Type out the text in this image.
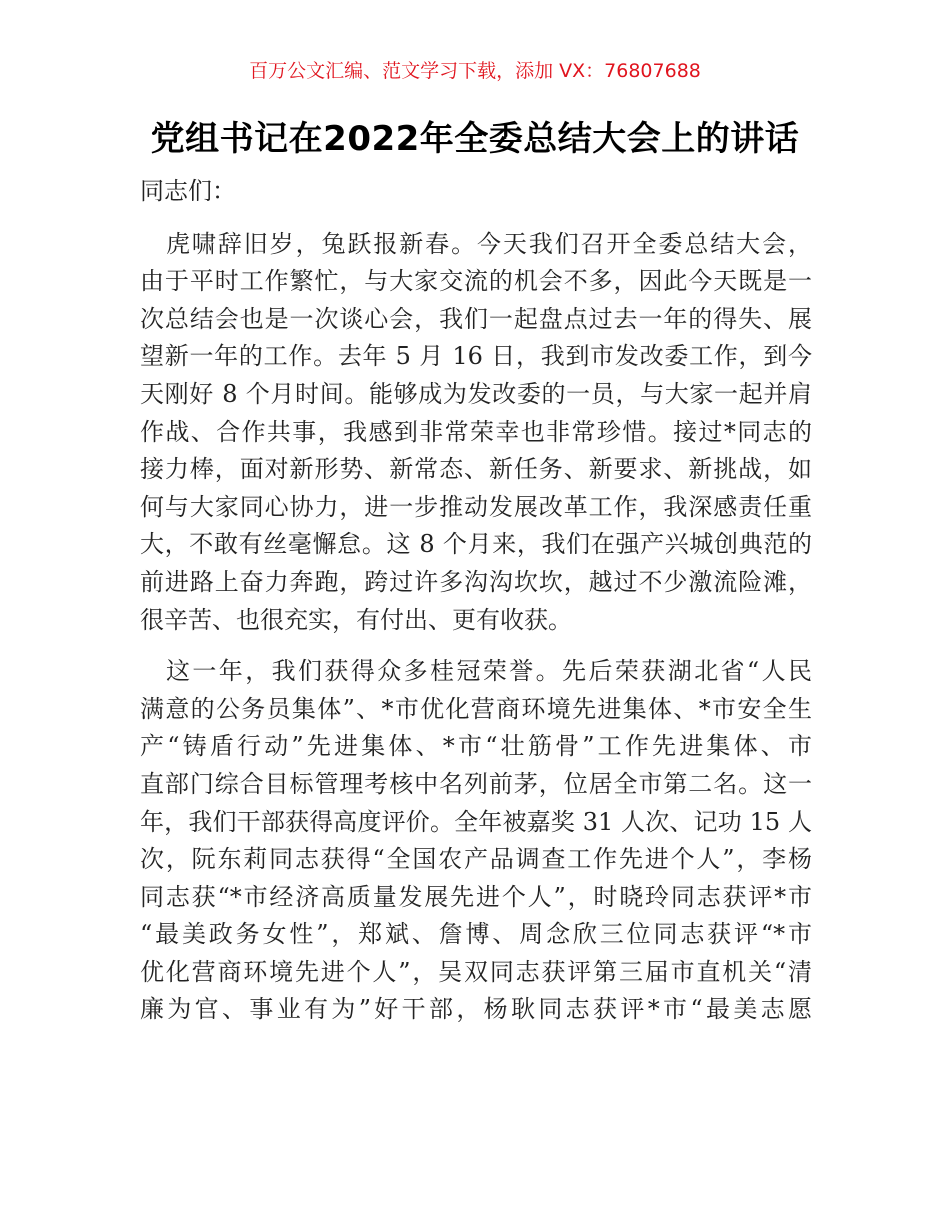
百万公文汇编、范文学习下载，添加 VX：76807688
党组书记在2022年全委总结大会上的讲话
同志们：
虎啸辞旧岁，兔跃报新春。今天我们召开全委总结大会，
由于平时工作繁忙，与大家交流的机会不多，因此今天既是一
次总结会也是一次谈心会，我们一起盘点过去一年的得失、展
望新一年的工作。去年 5 月 16 日，我到市发改委工作，到今
天刚好 8 个月时间。能够成为发改委的一员，与大家一起并肩
作战、合作共事，我感到非常荣幸也非常珍惜。接过*同志的
接力棒，面对新形势、新常态、新任务、新要求、新挑战，如
何与大家同心协力，进一步推动发展改革工作，我深感责任重
大，不敢有丝毫懈怠。这 8 个月来，我们在强产兴城创典范的
前进路上奋力奔跑，跨过许多沟沟坎坎，越过不少激流险滩，
很辛苦、也很充实，有付出、更有收获。
这一年，我们获得众多桂冠荣誉。先后荣获湖北省“人民
满意的公务员集体”、*市优化营商环境先进集体、*市安全生
产“铸盾行动”先进集体、*市“壮筋骨”工作先进集体、市
直部门综合目标管理考核中名列前茅，位居全市第二名。这一
年，我们干部获得高度评价。全年被嘉奖 31 人次、记功 15 人
次，阮东莉同志获得“全国农产品调查工作先进个人”，李杨
同志获“*市经济高质量发展先进个人”，时晓玲同志获评*市
“最美政务女性”，郑斌、詹博、周念欣三位同志获评“*市
优化营商环境先进个人”，吴双同志获评第三届市直机关“清
廉为官、事业有为”好干部，杨耿同志获评*市“最美志愿
